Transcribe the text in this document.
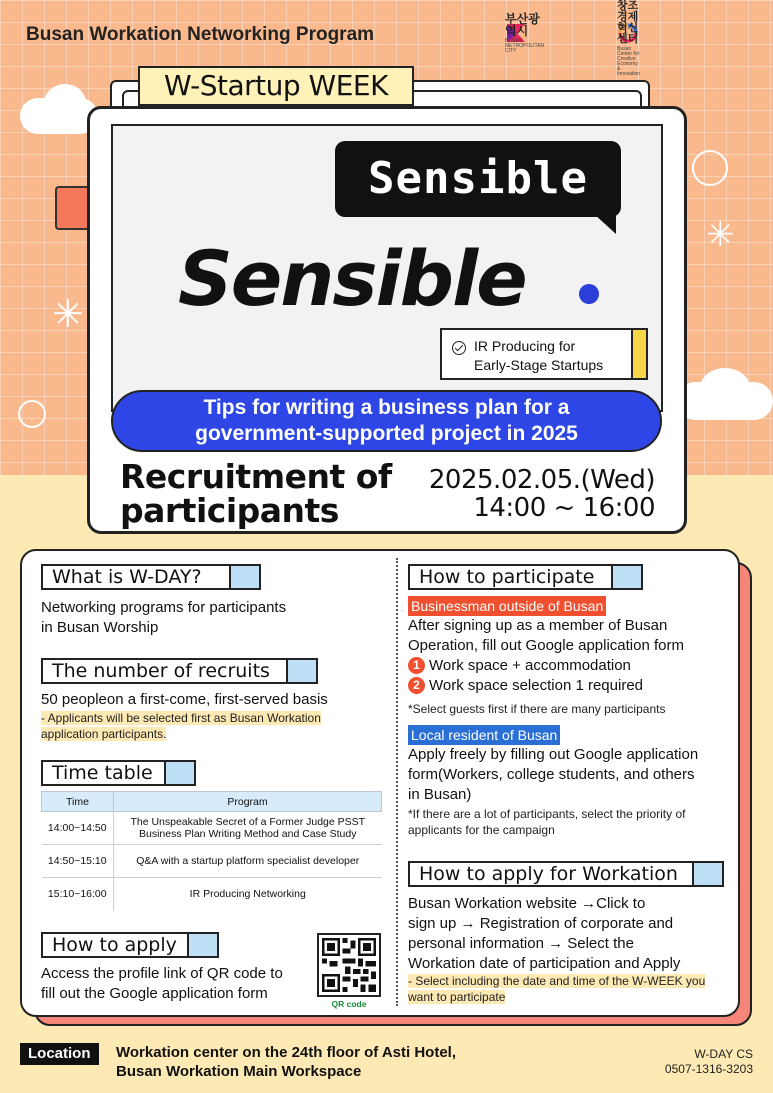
Busan Workation Networking Program
부산광역시
BUSAN METROPOLITAN CITY
창조경제혁신센터
Busan Center for Creative Economy & Innovation
✳
✳
W-Startup WEEK
Sensible
Sensible
IR Producing for
Early-Stage Startups
Tips for writing a business plan for a
government-supported project in 2025
Recruitment of
participants
2025.02.05.(Wed)
14:00 ~ 16:00
What is W-DAY?
Networking programs for participants
in Busan Worship
The number of recruits
50 peopleon a first-come, first-served basis
- Applicants will be selected first as Busan Workation
application participants.
Time table
Time	Program
14:00~14:50	The Unspeakable Secret of a Former Judge PSST
Business Plan Writing Method and Case Study
14:50~15:10	Q&A with a startup platform specialist developer
15:10~16:00	IR Producing Networking
How to apply
Access the profile link of QR code to
fill out the Google application form
QR code
How to participate
Businessman outside of Busan
After signing up as a member of Busan
Operation, fill out Google application form
1 Work space + accommodation
2 Work space selection 1 required
*Select guests first if there are many participants
Local resident of Busan
Apply freely by filling out Google application
form(Workers, college students, and others
in Busan)
*If there are a lot of participants, select the priority of
applicants for the campaign
How to apply for Workation
Busan Workation website →Click to
sign up → Registration of corporate and
personal information → Select the
Workation date of participation and Apply
- Select including the date and time of the W-WEEK you
want to participate
Location	Workation center on the 24th floor of Asti Hotel,
Busan Workation Main Workspace
W-DAY CS
0507-1316-3203
